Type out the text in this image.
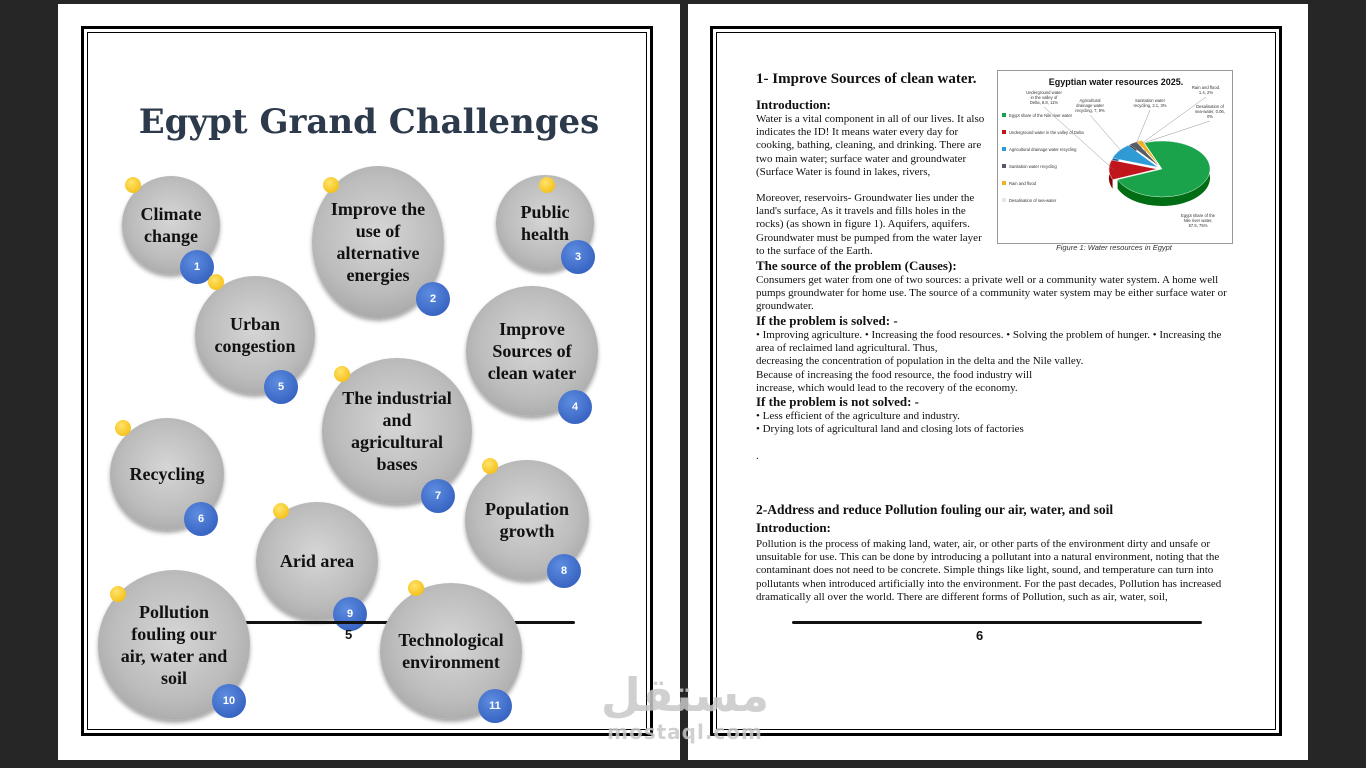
Egypt Grand Challenges
Climate change
1
Improve the use of alternative energies
2
Public health
3
Improve Sources of clean water
4
Urban congestion
5
Recycling
6
The industrial and agricultural bases
7
Population growth
8
Arid area
9
5
Pollution fouling our air, water and soil
10
Technological environment
11
1- Improve Sources of clean water.
Introduction:
Water is a vital component in all of our lives. It also indicates the ID! It means water every day for cooking, bathing, cleaning, and drinking. There are two main water; surface water and groundwater (Surface Water is found in lakes, rivers,
Moreover, reservoirs- Groundwater lies under the land's surface, As it travels and fills holes in the rocks) (as shown in figure 1). Aquifers, aquifers. Groundwater must be pumped from the water layer to the surface of the Earth.
Egyptian water resources 2025.
Egypt share of the Nile river water
Underground water in the valley of Delta
Agricultural drainage water recycling
Sanitation water recycling
Rain and flood
Desalination of sea-water
Egypt share of the Nile river water, 57.5, 75%
Underground water in the valley of Delta, 8.8, 11%	Agricultural drainage water recycling, 7, 9%
Sanitation water recycling, 2.1, 3%
Rain and flood, 1.4, 2%
Desalination of sea-water, 0.06, 0%
Figure 1: Water resources in Egypt
The source of the problem (Causes):
Consumers get water from one of two sources: a private well or a community water system. A home well pumps groundwater for home use. The source of a community water system may be either surface water or groundwater.
If the problem is solved: -
• Improving agriculture. • Increasing the food resources. • Solving the problem of hunger. • Increasing the area of reclaimed land agricultural. Thus,
decreasing the concentration of population in the delta and the Nile valley.
Because of increasing the food resource, the food industry will
increase, which would lead to the recovery of the economy.
If the problem is not solved: -
• Less efficient of the agriculture and industry.
• Drying lots of agricultural land and closing lots of factories
.
2-Address and reduce Pollution fouling our air, water, and soil
Introduction:
Pollution is the process of making land, water, air, or other parts of the environment dirty and unsafe or unsuitable for use. This can be done by introducing a pollutant into a natural environment, noting that the contaminant does not need to be concrete. Simple things like light, sound, and temperature can turn into pollutants when introduced artificially into the environment. For the past decades, Pollution has increased dramatically all over the world. There are different forms of Pollution, such as air, water, soil,
6
مستقل
mostaql.com
